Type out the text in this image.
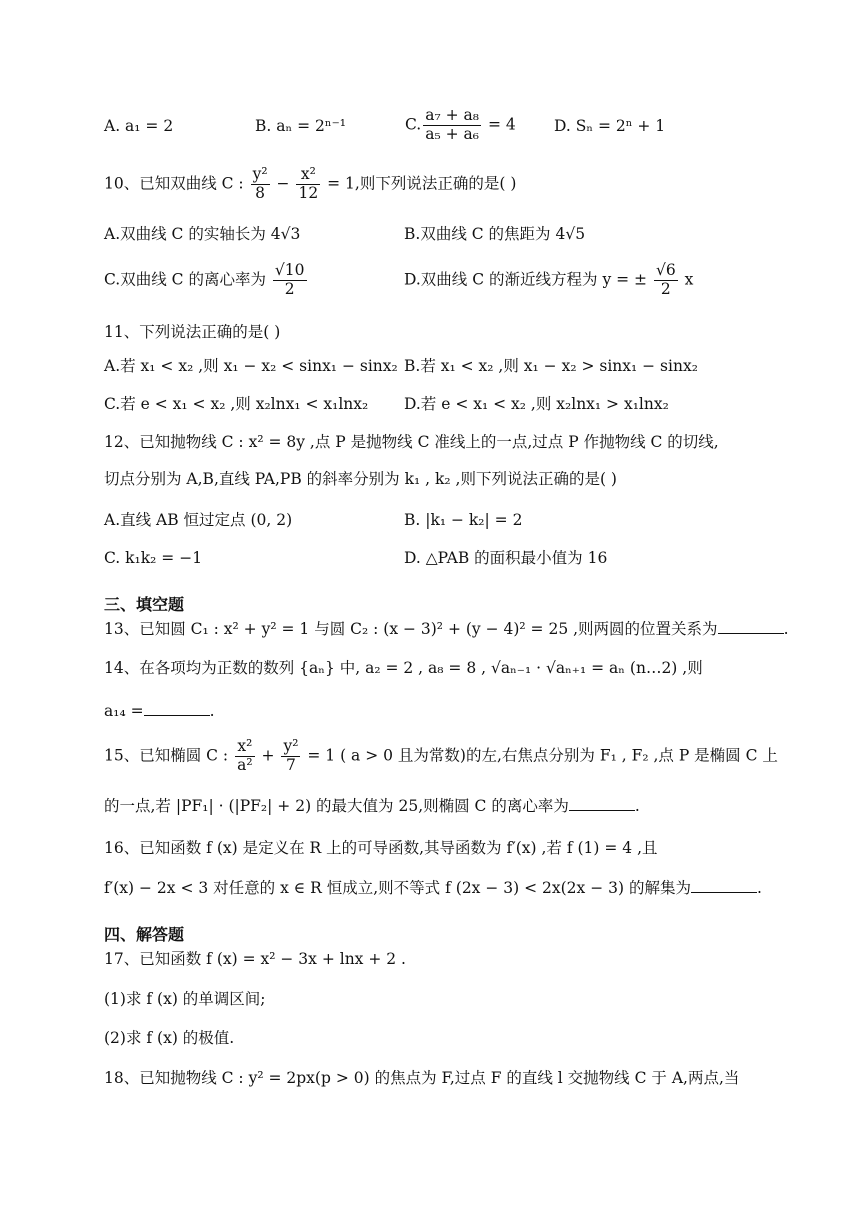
A. a₁ = 2	B. aₙ = 2ⁿ⁻¹	C. $\frac{\text{a₇ + a₈}}{\text{a₅ + a₆}} = 4$ D. Sₙ = 2ⁿ + 1
10、已知双曲线 C : $\frac{\text{y²}}{8} - \frac{\text{x²}}{12} = 1$,则下列说法正确的是( )
A.双曲线 C 的实轴长为 4√3	B.双曲线 C 的焦距为 4√5
C.双曲线 C 的离心率为 $\frac{√10}{2}$	D.双曲线 C 的渐近线方程为 y = ± $\frac{√6}{2}$ x
11、下列说法正确的是( )
A.若 x₁ < x₂ ,则 x₁ − x₂ < sinx₁ − sinx₂ B.若 x₁ < x₂ ,则 x₁ − x₂ > sinx₁ − sinx₂
C.若 e < x₁ < x₂ ,则 x₂lnx₁ < x₁lnx₂ D.若 e < x₁ < x₂ ,则 x₂lnx₁ > x₁lnx₂
12、已知抛物线 C : x² = 8y ,点 P 是抛物线 C 准线上的一点,过点 P 作抛物线 C 的切线,
切点分别为 A,B,直线 PA,PB 的斜率分别为 k₁ , k₂ ,则下列说法正确的是( )
A.直线 AB 恒过定点 (0, 2)	B. |k₁ − k₂| = 2
C. k₁k₂ = −1	D. △PAB 的面积最小值为 16
三、填空题
13、已知圆 C₁ : x² + y² = 1 与圆 C₂ : (x − 3)² + (y − 4)² = 25 ,则两圆的位置关系为	.
14、在各项均为正数的数列 {aₙ} 中, a₂ = 2 , a₈ = 8 , √aₙ₋₁ · √aₙ₊₁ = aₙ (n…2) ,则
a₁₄ =	.
15、已知椭圆 C : $\frac{\text{x²}}{\text{a²}} + \frac{\text{y²}}{7} = 1$ ( a > 0 且为常数)的左,右焦点分别为 F₁ , F₂ ,点 P 是椭圆 C 上
的一点,若 |PF₁| · (|PF₂| + 2) 的最大值为 25,则椭圆 C 的离心率为	.
16、已知函数 f (x) 是定义在 R 上的可导函数,其导函数为 f′(x) ,若 f (1) = 4 ,且
f′(x) − 2x < 3 对任意的 x ∈ R 恒成立,则不等式 f (2x − 3) < 2x(2x − 3) 的解集为	.
四、解答题
17、已知函数 f (x) = x² − 3x + lnx + 2 .
(1)求 f (x) 的单调区间;
(2)求 f (x) 的极值.
18、已知抛物线 C : y² = 2px(p > 0) 的焦点为 F,过点 F 的直线 l 交抛物线 C 于 A,两点,当
